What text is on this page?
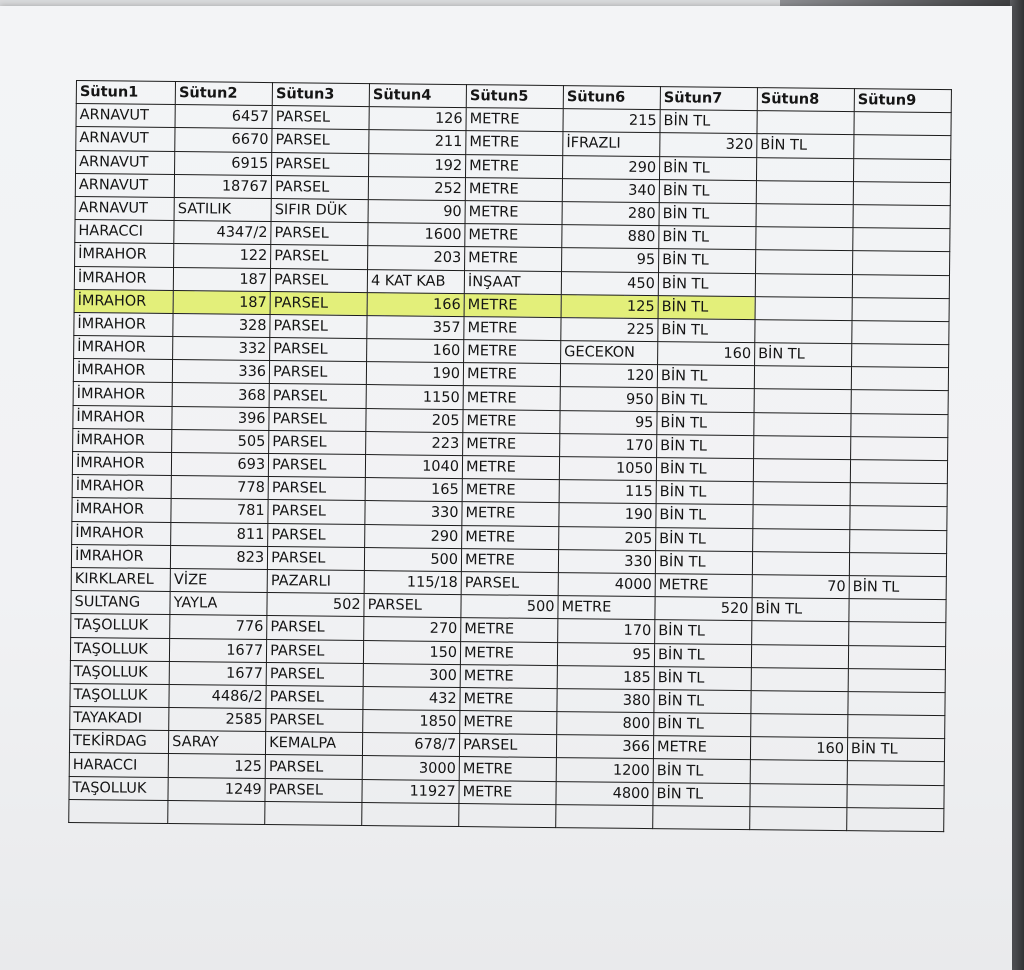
Sütun1	Sütun2	Sütun3	Sütun4	Sütun5	Sütun6	Sütun7	Sütun8	Sütun9
ARNAVUT	6457	PARSEL	126	METRE	215	BİN TL		
ARNAVUT	6670	PARSEL	211	METRE	İFRAZLI	320	BİN TL	
ARNAVUT	6915	PARSEL	192	METRE	290	BİN TL		
ARNAVUT	18767	PARSEL	252	METRE	340	BİN TL		
ARNAVUT	SATILIK	SIFIR DÜK	90	METRE	280	BİN TL		
HARACCI	4347/2	PARSEL	1600	METRE	880	BİN TL		
İMRAHOR	122	PARSEL	203	METRE	95	BİN TL		
İMRAHOR	187	PARSEL	4 KAT KAB	İNŞAAT	450	BİN TL		
İMRAHOR	187	PARSEL	166	METRE	125	BİN TL		
İMRAHOR	328	PARSEL	357	METRE	225	BİN TL		
İMRAHOR	332	PARSEL	160	METRE	GECEKON	160	BİN TL	
İMRAHOR	336	PARSEL	190	METRE	120	BİN TL		
İMRAHOR	368	PARSEL	1150	METRE	950	BİN TL		
İMRAHOR	396	PARSEL	205	METRE	95	BİN TL		
İMRAHOR	505	PARSEL	223	METRE	170	BİN TL		
İMRAHOR	693	PARSEL	1040	METRE	1050	BİN TL		
İMRAHOR	778	PARSEL	165	METRE	115	BİN TL		
İMRAHOR	781	PARSEL	330	METRE	190	BİN TL		
İMRAHOR	811	PARSEL	290	METRE	205	BİN TL		
İMRAHOR	823	PARSEL	500	METRE	330	BİN TL		
KIRKLAREL	VİZE	PAZARLI	115/18	PARSEL	4000	METRE	70	BİN TL
SULTANG	YAYLA	502	PARSEL	500	METRE	520	BİN TL	
TAŞOLLUK	776	PARSEL	270	METRE	170	BİN TL		
TAŞOLLUK	1677	PARSEL	150	METRE	95	BİN TL		
TAŞOLLUK	1677	PARSEL	300	METRE	185	BİN TL		
TAŞOLLUK	4486/2	PARSEL	432	METRE	380	BİN TL		
TAYAKADI	2585	PARSEL	1850	METRE	800	BİN TL		
TEKİRDAG	SARAY	KEMALPA	678/7	PARSEL	366	METRE	160	BİN TL
HARACCI	125	PARSEL	3000	METRE	1200	BİN TL		
TAŞOLLUK	1249	PARSEL	11927	METRE	4800	BİN TL		
